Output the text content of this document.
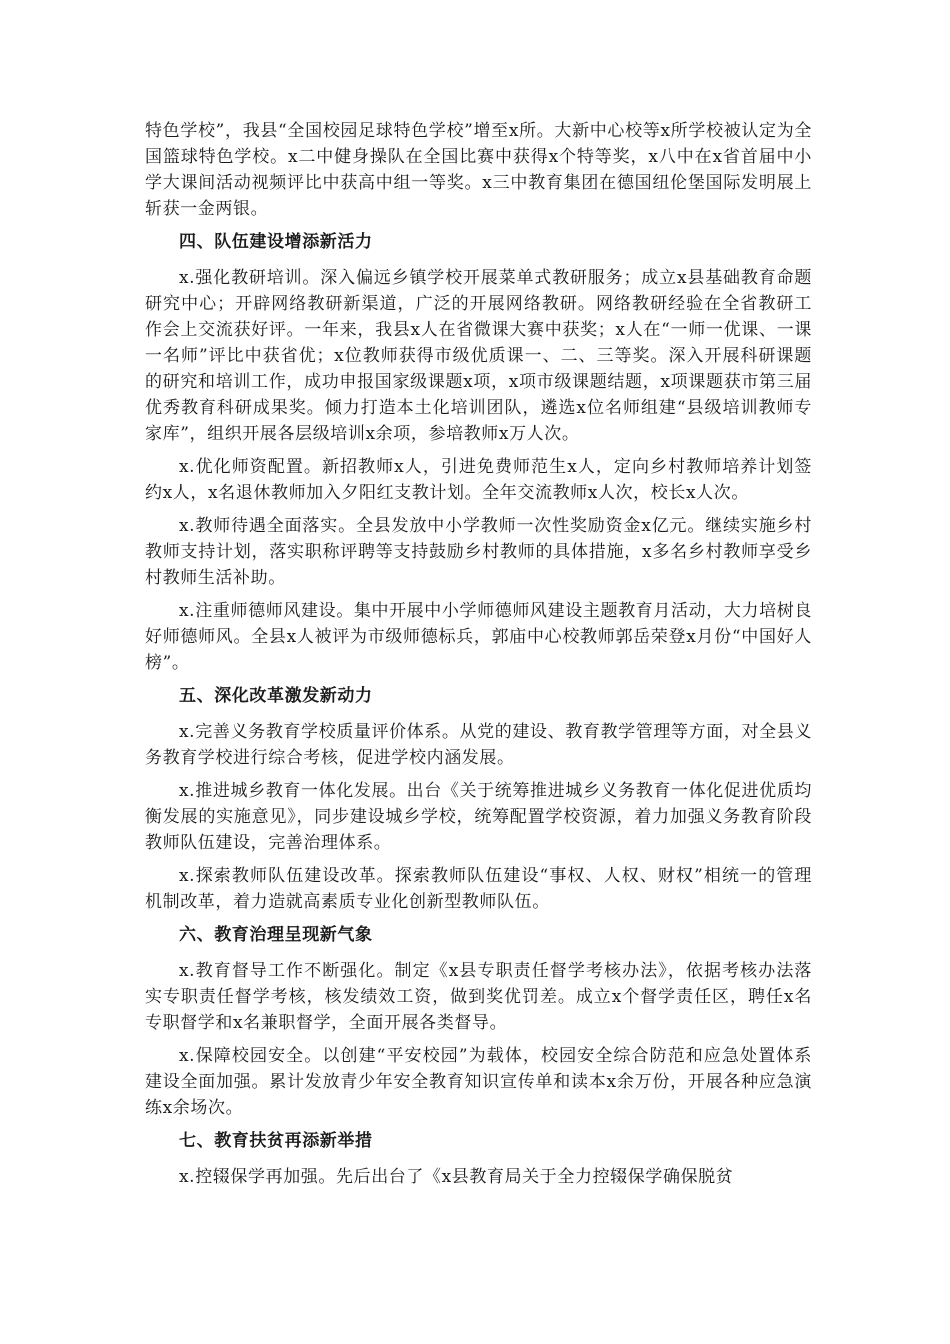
特色学校”，我县“全国校园足球特色学校”增至x所。大新中心校等x所学校被认定为全国篮球特色学校。x二中健身操队在全国比赛中获得x个特等奖，x八中在x省首届中小学大课间活动视频评比中获高中组一等奖。x三中教育集团在德国纽伦堡国际发明展上斩获一金两银。

四、队伍建设增添新活力

x.强化教研培训。深入偏远乡镇学校开展菜单式教研服务；成立x县基础教育命题研究中心；开辟网络教研新渠道，广泛的开展网络教研。网络教研经验在全省教研工作会上交流获好评。一年来，我县x人在省微课大赛中获奖；x人在“一师一优课、一课一名师”评比中获省优；x位教师获得市级优质课一、二、三等奖。深入开展科研课题的研究和培训工作，成功申报国家级课题x项，x项市级课题结题，x项课题获市第三届优秀教育科研成果奖。倾力打造本土化培训团队，遴选x位名师组建“县级培训教师专家库”，组织开展各层级培训x余项，参培教师x万人次。

x.优化师资配置。新招教师x人，引进免费师范生x人，定向乡村教师培养计划签约x人，x名退休教师加入夕阳红支教计划。全年交流教师x人次，校长x人次。

x.教师待遇全面落实。全县发放中小学教师一次性奖励资金x亿元。继续实施乡村教师支持计划，落实职称评聘等支持鼓励乡村教师的具体措施，x多名乡村教师享受乡村教师生活补助。

x.注重师德师风建设。集中开展中小学师德师风建设主题教育月活动，大力培树良好师德师风。全县x人被评为市级师德标兵，郭庙中心校教师郭岳荣登x月份“中国好人榜”。

五、深化改革激发新动力

x.完善义务教育学校质量评价体系。从党的建设、教育教学管理等方面，对全县义务教育学校进行综合考核，促进学校内涵发展。

x.推进城乡教育一体化发展。出台《关于统筹推进城乡义务教育一体化促进优质均衡发展的实施意见》，同步建设城乡学校，统筹配置学校资源，着力加强义务教育阶段教师队伍建设，完善治理体系。

x.探索教师队伍建设改革。探索教师队伍建设“事权、人权、财权”相统一的管理机制改革，着力造就高素质专业化创新型教师队伍。

六、教育治理呈现新气象

x.教育督导工作不断强化。制定《x县专职责任督学考核办法》，依据考核办法落实专职责任督学考核，核发绩效工资，做到奖优罚差。成立x个督学责任区，聘任x名专职督学和x名兼职督学，全面开展各类督导。

x.保障校园安全。以创建“平安校园”为载体，校园安全综合防范和应急处置体系建设全面加强。累计发放青少年安全教育知识宣传单和读本x余万份，开展各种应急演练x余场次。

七、教育扶贫再添新举措

x.控辍保学再加强。先后出台了《x县教育局关于全力控辍保学确保脱贫
